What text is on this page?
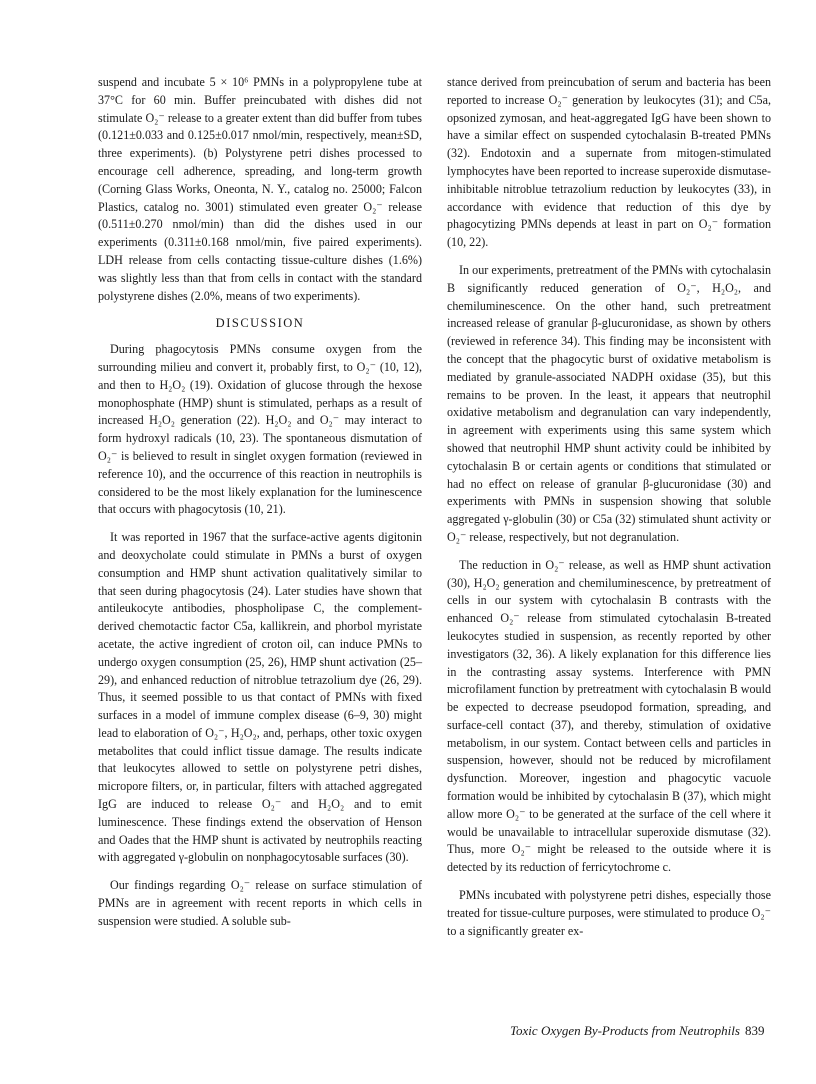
suspend and incubate 5 × 10⁶ PMNs in a polypropylene tube at 37°C for 60 min. Buffer preincubated with dishes did not stimulate O₂⁻ release to a greater extent than did buffer from tubes (0.121±0.033 and 0.125±0.017 nmol/min, respectively, mean±SD, three experiments). (b) Polystyrene petri dishes processed to encourage cell adherence, spreading, and long-term growth (Corning Glass Works, Oneonta, N. Y., catalog no. 25000; Falcon Plastics, catalog no. 3001) stimulated even greater O₂⁻ release (0.511±0.270 nmol/min) than did the dishes used in our experiments (0.311±0.168 nmol/min, five paired experiments). LDH release from cells contacting tissue-culture dishes (1.6%) was slightly less than that from cells in contact with the standard polystyrene dishes (2.0%, means of two experiments).

DISCUSSION

During phagocytosis PMNs consume oxygen from the surrounding milieu and convert it, probably first, to O₂⁻ (10, 12), and then to H₂O₂ (19). Oxidation of glucose through the hexose monophosphate (HMP) shunt is stimulated, perhaps as a result of increased H₂O₂ generation (22). H₂O₂ and O₂⁻ may interact to form hydroxyl radicals (10, 23). The spontaneous dismutation of O₂⁻ is believed to result in singlet oxygen formation (reviewed in reference 10), and the occurrence of this reaction in neutrophils is considered to be the most likely explanation for the luminescence that occurs with phagocytosis (10, 21).

It was reported in 1967 that the surface-active agents digitonin and deoxycholate could stimulate in PMNs a burst of oxygen consumption and HMP shunt activation qualitatively similar to that seen during phagocytosis (24). Later studies have shown that antileukocyte antibodies, phospholipase C, the complement-derived chemotactic factor C5a, kallikrein, and phorbol myristate acetate, the active ingredient of croton oil, can induce PMNs to undergo oxygen consumption (25, 26), HMP shunt activation (25–29), and enhanced reduction of nitroblue tetrazolium dye (26, 29). Thus, it seemed possible to us that contact of PMNs with fixed surfaces in a model of immune complex disease (6–9, 30) might lead to elaboration of O₂⁻, H₂O₂, and, perhaps, other toxic oxygen metabolites that could inflict tissue damage. The results indicate that leukocytes allowed to settle on polystyrene petri dishes, micropore filters, or, in particular, filters with attached aggregated IgG are induced to release O₂⁻ and H₂O₂ and to emit luminescence. These findings extend the observation of Henson and Oades that the HMP shunt is activated by neutrophils reacting with aggregated γ-globulin on nonphagocytosable surfaces (30).

Our findings regarding O₂⁻ release on surface stimulation of PMNs are in agreement with recent reports in which cells in suspension were studied. A soluble sub-

stance derived from preincubation of serum and bacteria has been reported to increase O₂⁻ generation by leukocytes (31); and C5a, opsonized zymosan, and heat-aggregated IgG have been shown to have a similar effect on suspended cytochalasin B-treated PMNs (32). Endotoxin and a supernate from mitogen-stimulated lymphocytes have been reported to increase superoxide dismutase-inhibitable nitroblue tetrazolium reduction by leukocytes (33), in accordance with evidence that reduction of this dye by phagocytizing PMNs depends at least in part on O₂⁻ formation (10, 22).

In our experiments, pretreatment of the PMNs with cytochalasin B significantly reduced generation of O₂⁻, H₂O₂, and chemiluminescence. On the other hand, such pretreatment increased release of granular β-glucuronidase, as shown by others (reviewed in reference 34). This finding may be inconsistent with the concept that the phagocytic burst of oxidative metabolism is mediated by granule-associated NADPH oxidase (35), but this remains to be proven. In the least, it appears that neutrophil oxidative metabolism and degranulation can vary independently, in agreement with experiments using this same system which showed that neutrophil HMP shunt activity could be inhibited by cytochalasin B or certain agents or conditions that stimulated or had no effect on release of granular β-glucuronidase (30) and experiments with PMNs in suspension showing that soluble aggregated γ-globulin (30) or C5a (32) stimulated shunt activity or O₂⁻ release, respectively, but not degranulation.

The reduction in O₂⁻ release, as well as HMP shunt activation (30), H₂O₂ generation and chemiluminescence, by pretreatment of cells in our system with cytochalasin B contrasts with the enhanced O₂⁻ release from stimulated cytochalasin B-treated leukocytes studied in suspension, as recently reported by other investigators (32, 36). A likely explanation for this difference lies in the contrasting assay systems. Interference with PMN microfilament function by pretreatment with cytochalasin B would be expected to decrease pseudopod formation, spreading, and surface-cell contact (37), and thereby, stimulation of oxidative metabolism, in our system. Contact between cells and particles in suspension, however, should not be reduced by microfilament dysfunction. Moreover, ingestion and phagocytic vacuole formation would be inhibited by cytochalasin B (37), which might allow more O₂⁻ to be generated at the surface of the cell where it would be unavailable to intracellular superoxide dismutase (32). Thus, more O₂⁻ might be released to the outside where it is detected by its reduction of ferricytochrome c.

PMNs incubated with polystyrene petri dishes, especially those treated for tissue-culture purposes, were stimulated to produce O₂⁻ to a significantly greater ex-

Toxic Oxygen By-Products from Neutrophils 839
